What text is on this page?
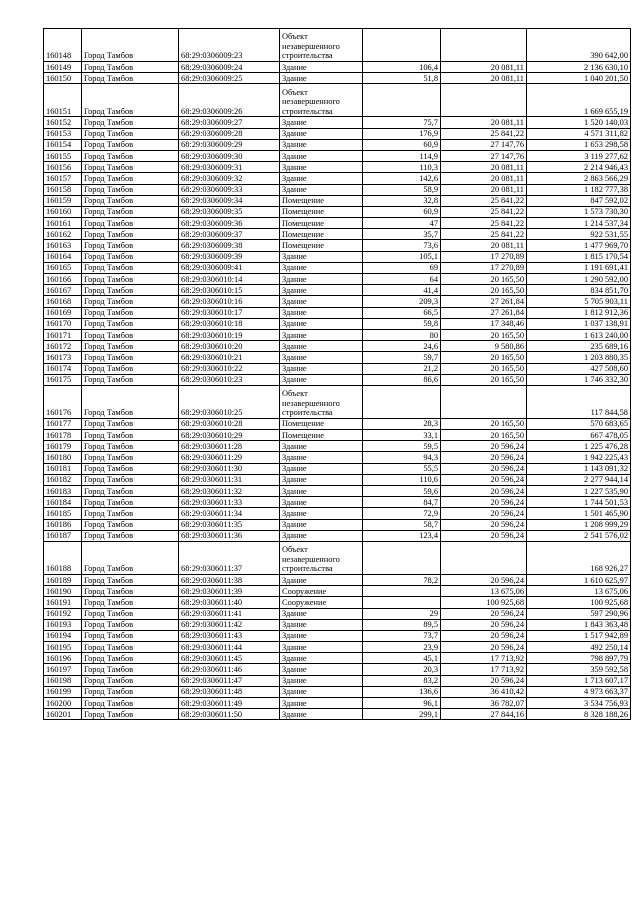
160148	Город Тамбов	68:29:0306009:23	Объект незавершенного строительства			390 642,00
160149	Город Тамбов	68:29:0306009:24	Здание	106,4	20 081,11	2 136 630,10
160150	Город Тамбов	68:29:0306009:25	Здание	51,8	20 081,11	1 040 201,50
160151	Город Тамбов	68:29:0306009:26	Объект незавершенного строительства			1 669 655,19
160152	Город Тамбов	68:29:0306009:27	Здание	75,7	20 081,11	1 520 140,03
160153	Город Тамбов	68:29:0306009:28	Здание	176,9	25 841,22	4 571 311,82
160154	Город Тамбов	68:29:0306009:29	Здание	60,9	27 147,76	1 653 298,58
160155	Город Тамбов	68:29:0306009:30	Здание	114,9	27 147,76	3 119 277,62
160156	Город Тамбов	68:29:0306009:31	Здание	110,3	20 081,11	2 214 946,43
160157	Город Тамбов	68:29:0306009:32	Здание	142,6	20 081,11	2 863 566,29
160158	Город Тамбов	68:29:0306009:33	Здание	58,9	20 081,11	1 182 777,38
160159	Город Тамбов	68:29:0306009:34	Помещение	32,8	25 841,22	847 592,02
160160	Город Тамбов	68:29:0306009:35	Помещение	60,9	25 841,22	1 573 730,30
160161	Город Тамбов	68:29:0306009:36	Помещение	47	25 841,22	1 214 537,34
160162	Город Тамбов	68:29:0306009:37	Помещение	35,7	25 841,22	922 531,55
160163	Город Тамбов	68:29:0306009:38	Помещение	73,6	20 081,11	1 477 969,70
160164	Город Тамбов	68:29:0306009:39	Здание	105,1	17 270,89	1 815 170,54
160165	Город Тамбов	68:29:0306009:41	Здание	69	17 270,89	1 191 691,41
160166	Город Тамбов	68:29:0306010:14	Здание	64	20 165,50	1 290 592,00
160167	Город Тамбов	68:29:0306010:15	Здание	41,4	20 165,50	834 851,70
160168	Город Тамбов	68:29:0306010:16	Здание	209,3	27 261,84	5 705 903,11
160169	Город Тамбов	68:29:0306010:17	Здание	66,5	27 261,84	1 812 912,36
160170	Город Тамбов	68:29:0306010:18	Здание	59,8	17 348,46	1 037 138,91
160171	Город Тамбов	68:29:0306010:19	Здание	80	20 165,50	1 613 240,00
160172	Город Тамбов	68:29:0306010:20	Здание	24,6	9 580,86	235 689,16
160173	Город Тамбов	68:29:0306010:21	Здание	59,7	20 165,50	1 203 880,35
160174	Город Тамбов	68:29:0306010:22	Здание	21,2	20 165,50	427 508,60
160175	Город Тамбов	68:29:0306010:23	Здание	86,6	20 165,50	1 746 332,30
160176	Город Тамбов	68:29:0306010:25	Объект незавершенного строительства			117 844,58
160177	Город Тамбов	68:29:0306010:28	Помещение	28,3	20 165,50	570 683,65
160178	Город Тамбов	68:29:0306010:29	Помещение	33,1	20 165,50	667 478,05
160179	Город Тамбов	68:29:0306011:28	Здание	59,5	20 596,24	1 225 476,28
160180	Город Тамбов	68:29:0306011:29	Здание	94,3	20 596,24	1 942 225,43
160181	Город Тамбов	68:29:0306011:30	Здание	55,5	20 596,24	1 143 091,32
160182	Город Тамбов	68:29:0306011:31	Здание	110,6	20 596,24	2 277 944,14
160183	Город Тамбов	68:29:0306011:32	Здание	59,6	20 596,24	1 227 535,90
160184	Город Тамбов	68:29:0306011:33	Здание	84,7	20 596,24	1 744 501,53
160185	Город Тамбов	68:29:0306011:34	Здание	72,9	20 596,24	1 501 465,90
160186	Город Тамбов	68:29:0306011:35	Здание	58,7	20 596,24	1 208 999,29
160187	Город Тамбов	68:29:0306011:36	Здание	123,4	20 596,24	2 541 576,02
160188	Город Тамбов	68:29:0306011:37	Объект незавершенного строительства			168 926,27
160189	Город Тамбов	68:29:0306011:38	Здание	78,2	20 596,24	1 610 625,97
160190	Город Тамбов	68:29:0306011:39	Сооружение		13 675,06	13 675,06
160191	Город Тамбов	68:29:0306011:40	Сооружение		100 925,68	100 925,68
160192	Город Тамбов	68:29:0306011:41	Здание	29	20 596,24	597 290,96
160193	Город Тамбов	68:29:0306011:42	Здание	89,5	20 596,24	1 843 363,48
160194	Город Тамбов	68:29:0306011:43	Здание	73,7	20 596,24	1 517 942,89
160195	Город Тамбов	68:29:0306011:44	Здание	23,9	20 596,24	492 250,14
160196	Город Тамбов	68:29:0306011:45	Здание	45,1	17 713,92	798 897,79
160197	Город Тамбов	68:29:0306011:46	Здание	20,3	17 713,92	359 592,58
160198	Город Тамбов	68:29:0306011:47	Здание	83,2	20 596,24	1 713 607,17
160199	Город Тамбов	68:29:0306011:48	Здание	136,6	36 410,42	4 973 663,37
160200	Город Тамбов	68:29:0306011:49	Здание	96,1	36 782,07	3 534 756,93
160201	Город Тамбов	68:29:0306011:50	Здание	299,1	27 844,16	8 328 188,26
